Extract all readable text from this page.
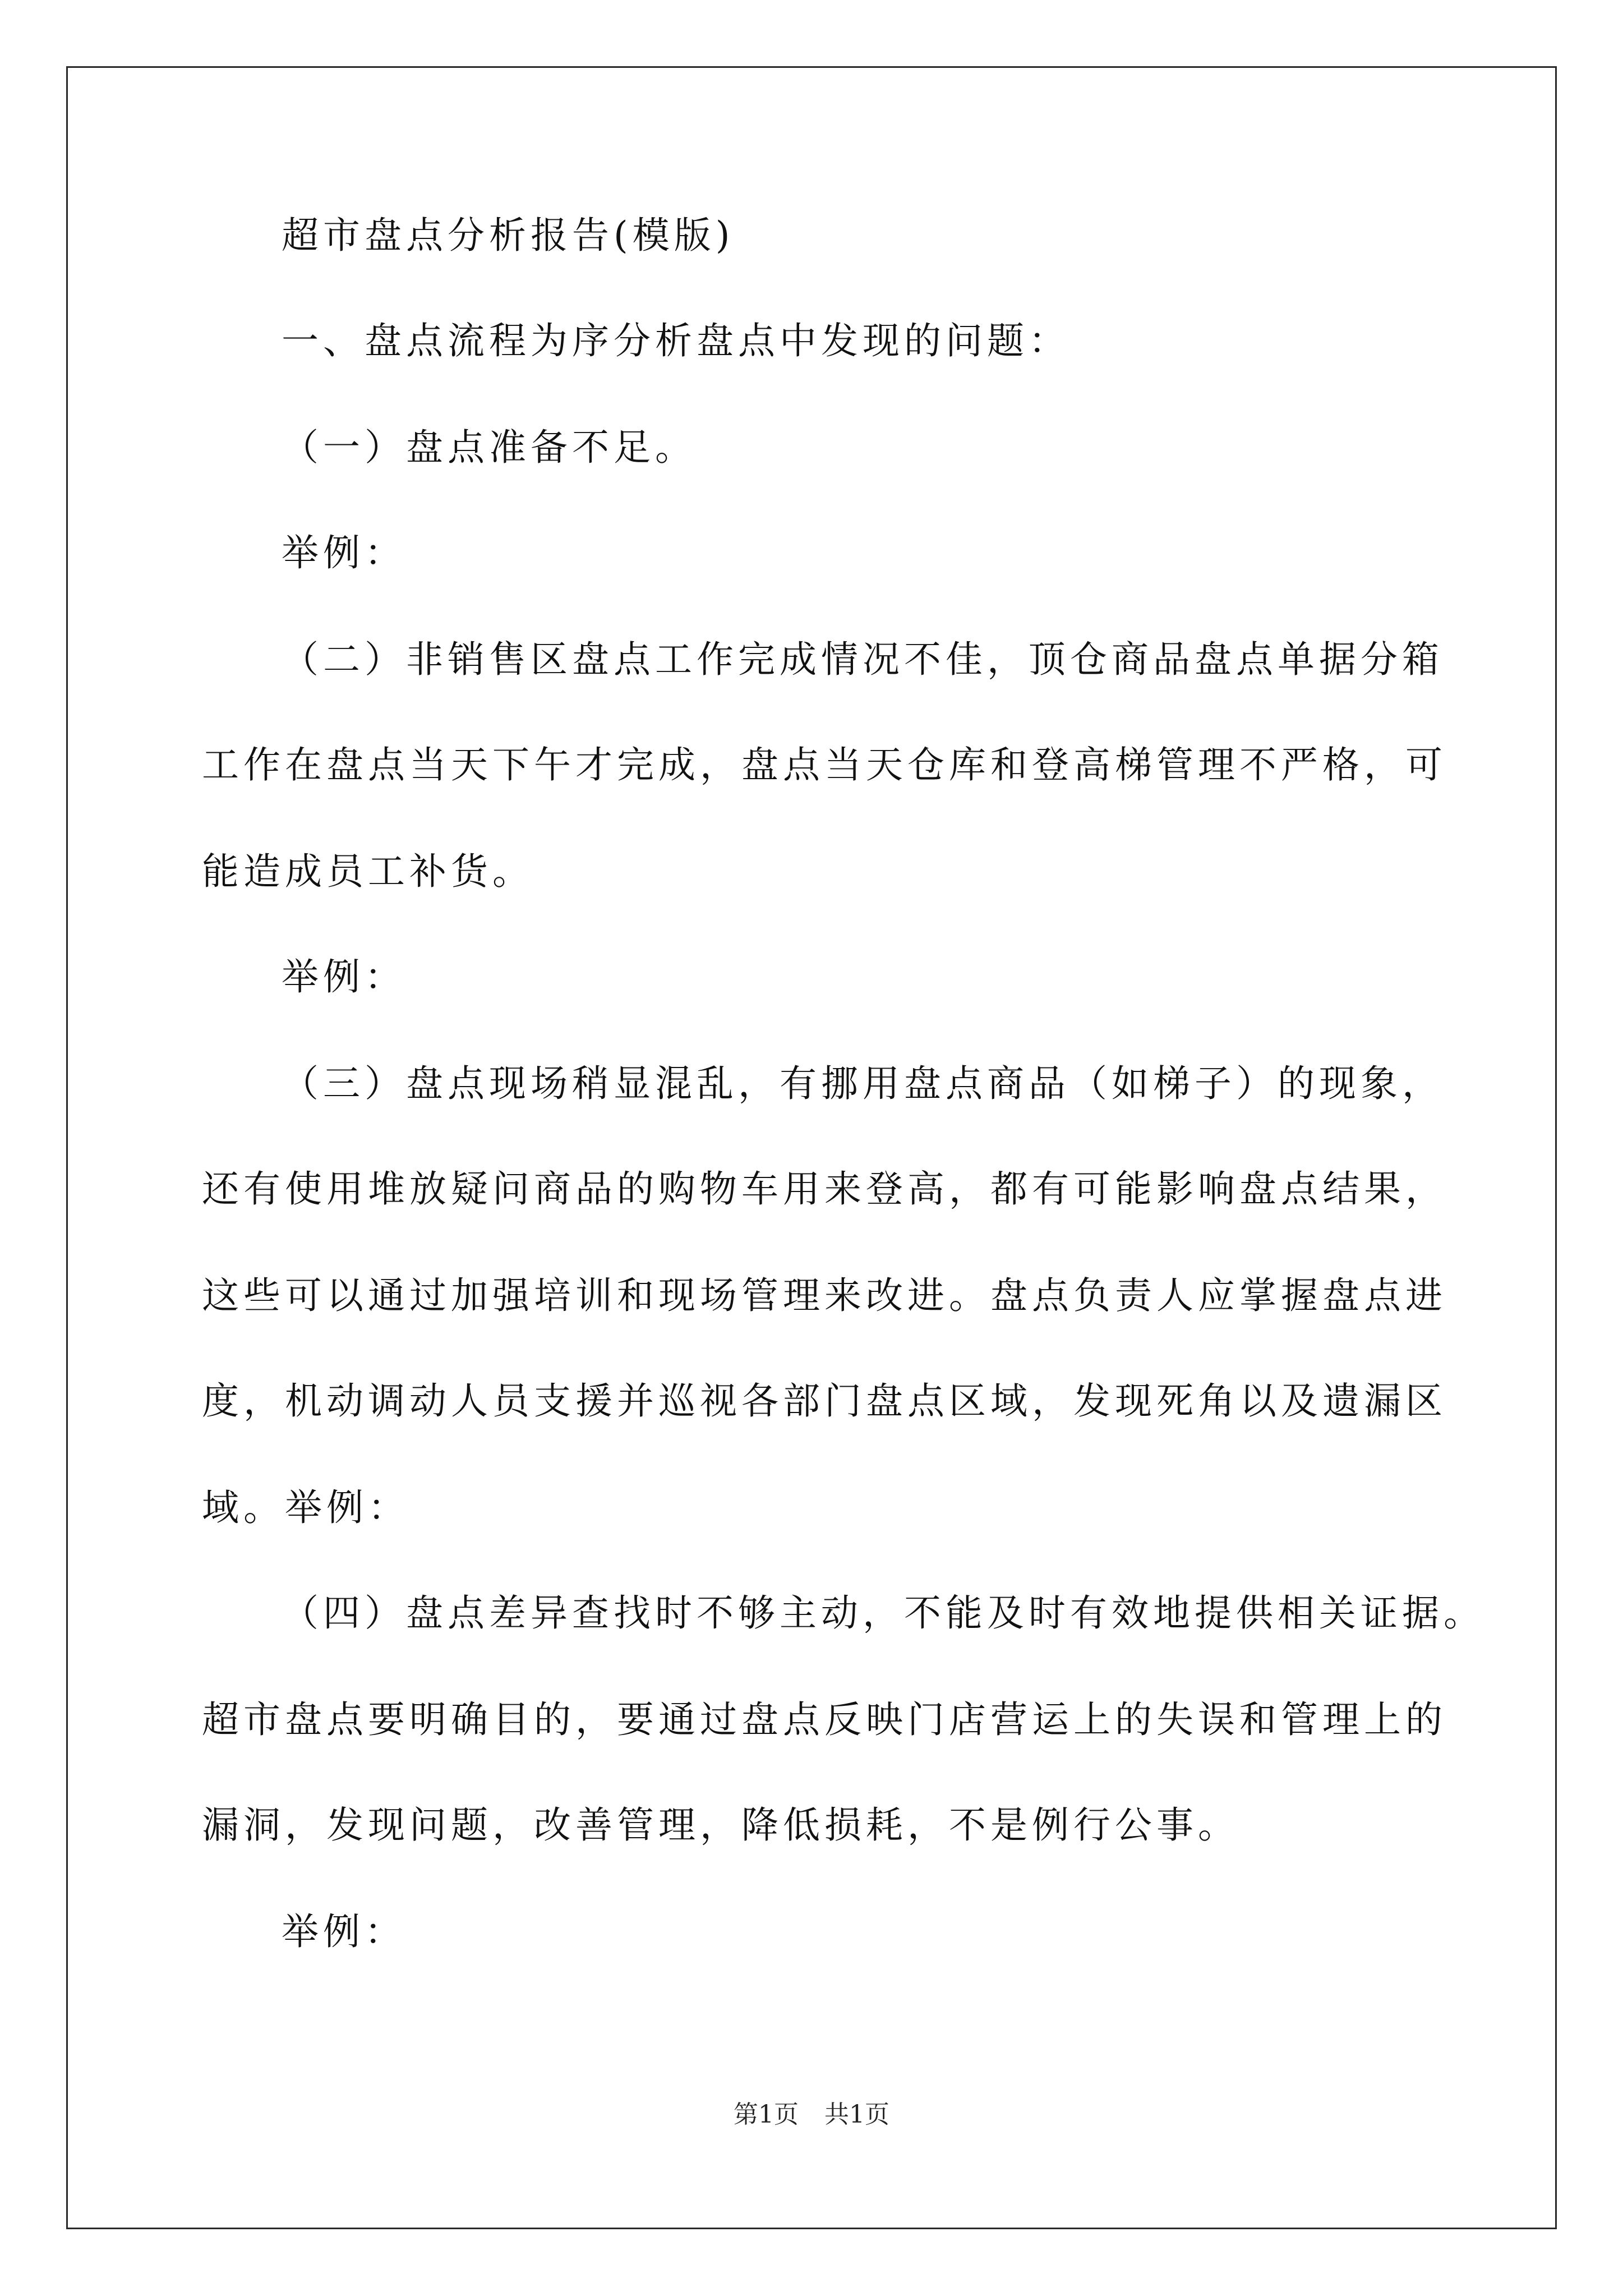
超市盘点分析报告(模版)
一、盘点流程为序分析盘点中发现的问题：
（一）盘点准备不足。
举例：
（二）非销售区盘点工作完成情况不佳，顶仓商品盘点单据分箱
工作在盘点当天下午才完成，盘点当天仓库和登高梯管理不严格，可
能造成员工补货。
举例：
（三）盘点现场稍显混乱，有挪用盘点商品（如梯子）的现象，
还有使用堆放疑问商品的购物车用来登高，都有可能影响盘点结果，
这些可以通过加强培训和现场管理来改进。盘点负责人应掌握盘点进
度，机动调动人员支援并巡视各部门盘点区域，发现死角以及遗漏区
域。举例：
（四）盘点差异查找时不够主动，不能及时有效地提供相关证据。
超市盘点要明确目的，要通过盘点反映门店营运上的失误和管理上的
漏洞，发现问题，改善管理，降低损耗，不是例行公事。
举例：
第1页 共1页
